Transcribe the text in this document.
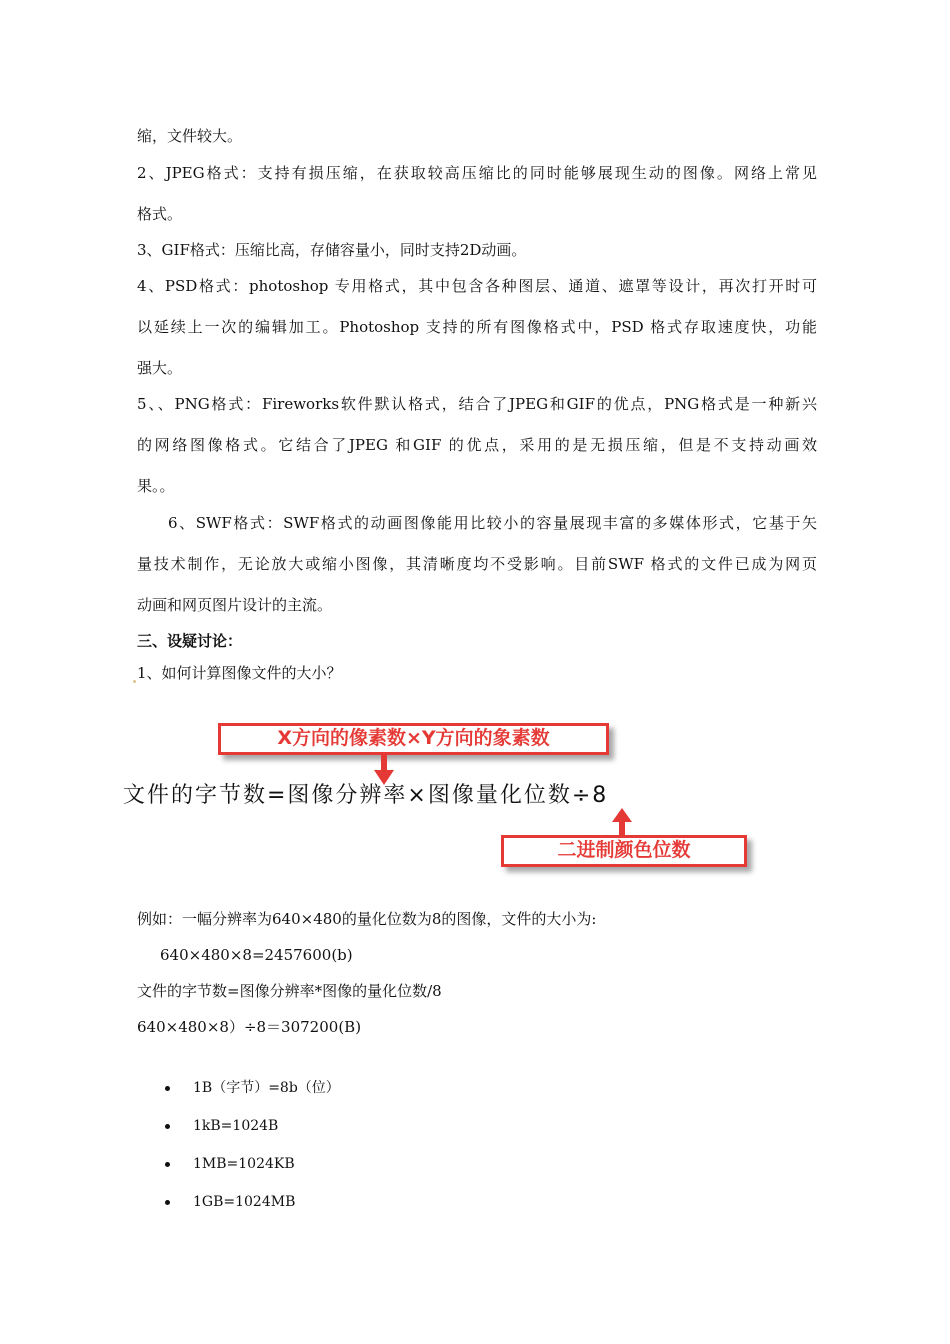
缩，文件较大。
2、JPEG格式：支持有损压缩，在获取较高压缩比的同时能够展现生动的图像。网络上常见
格式。
3、GIF格式：压缩比高，存储容量小，同时支持2D动画。
4、PSD格式：photoshop 专用格式，其中包含各种图层、通道、遮罩等设计，再次打开时可
以延续上一次的编辑加工。Photoshop 支持的所有图像格式中，PSD 格式存取速度快，功能
强大。
5、、PNG格式：Fireworks软件默认格式，结合了JPEG和GIF的优点，PNG格式是一种新兴
的网络图像格式。它结合了JPEG 和GIF 的优点，采用的是无损压缩，但是不支持动画效
果。。
6、SWF格式：SWF格式的动画图像能用比较小的容量展现丰富的多媒体形式，它基于矢
量技术制作，无论放大或缩小图像，其清晰度均不受影响。目前SWF 格式的文件已成为网页
动画和网页图片设计的主流。
三、设疑讨论：
1、如何计算图像文件的大小？
X方向的像素数×Y方向的象素数
文件的字节数=图像分辨率×图像量化位数÷8
二进制颜色位数
例如：一幅分辨率为640×480的量化位数为8的图像，文件的大小为:
640×480×8=2457600(b)
文件的字节数=图像分辨率*图像的量化位数/8
640×480×8）÷8＝307200(B)
1B（字节）=8b（位）
1kB=1024B
1MB=1024KB
1GB=1024MB
